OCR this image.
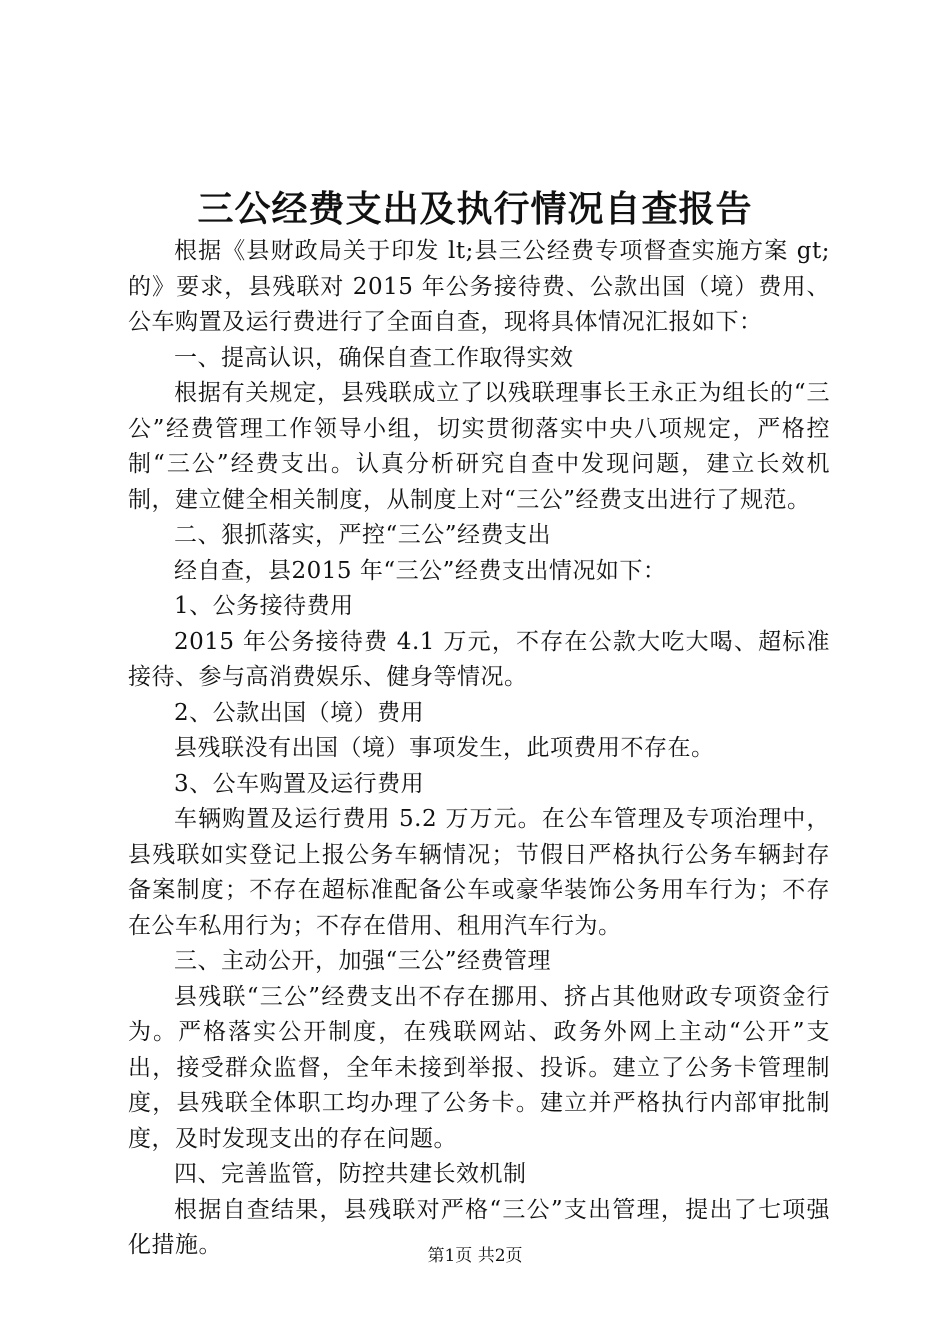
三公经费支出及执行情况自查报告

根据《县财政局关于印发 lt;县三公经费专项督查实施方案 gt;的》要求，县残联对 2015 年公务接待费、公款出国（境）费用、公车购置及运行费进行了全面自查，现将具体情况汇报如下：

一、提高认识，确保自查工作取得实效

根据有关规定，县残联成立了以残联理事长王永正为组长的“三公”经费管理工作领导小组，切实贯彻落实中央八项规定，严格控制“三公”经费支出。认真分析研究自查中发现问题，建立长效机制，建立健全相关制度，从制度上对“三公”经费支出进行了规范。

二、狠抓落实，严控“三公”经费支出

经自查，县2015 年“三公”经费支出情况如下：

1、公务接待费用

2015 年公务接待费 4.1 万元，不存在公款大吃大喝、超标准接待、参与高消费娱乐、健身等情况。

2、公款出国（境）费用

县残联没有出国（境）事项发生，此项费用不存在。

3、公车购置及运行费用

车辆购置及运行费用 5.2 万万元。在公车管理及专项治理中，县残联如实登记上报公务车辆情况；节假日严格执行公务车辆封存备案制度；不存在超标准配备公车或豪华装饰公务用车行为；不存在公车私用行为；不存在借用、租用汽车行为。

三、主动公开，加强“三公”经费管理

县残联“三公”经费支出不存在挪用、挤占其他财政专项资金行为。严格落实公开制度，在残联网站、政务外网上主动“公开”支出，接受群众监督，全年未接到举报、投诉。建立了公务卡管理制度，县残联全体职工均办理了公务卡。建立并严格执行内部审批制度，及时发现支出的存在问题。

四、完善监管，防控共建长效机制

根据自查结果，县残联对严格“三公”支出管理，提出了七项强化措施。	第1页 共2页
